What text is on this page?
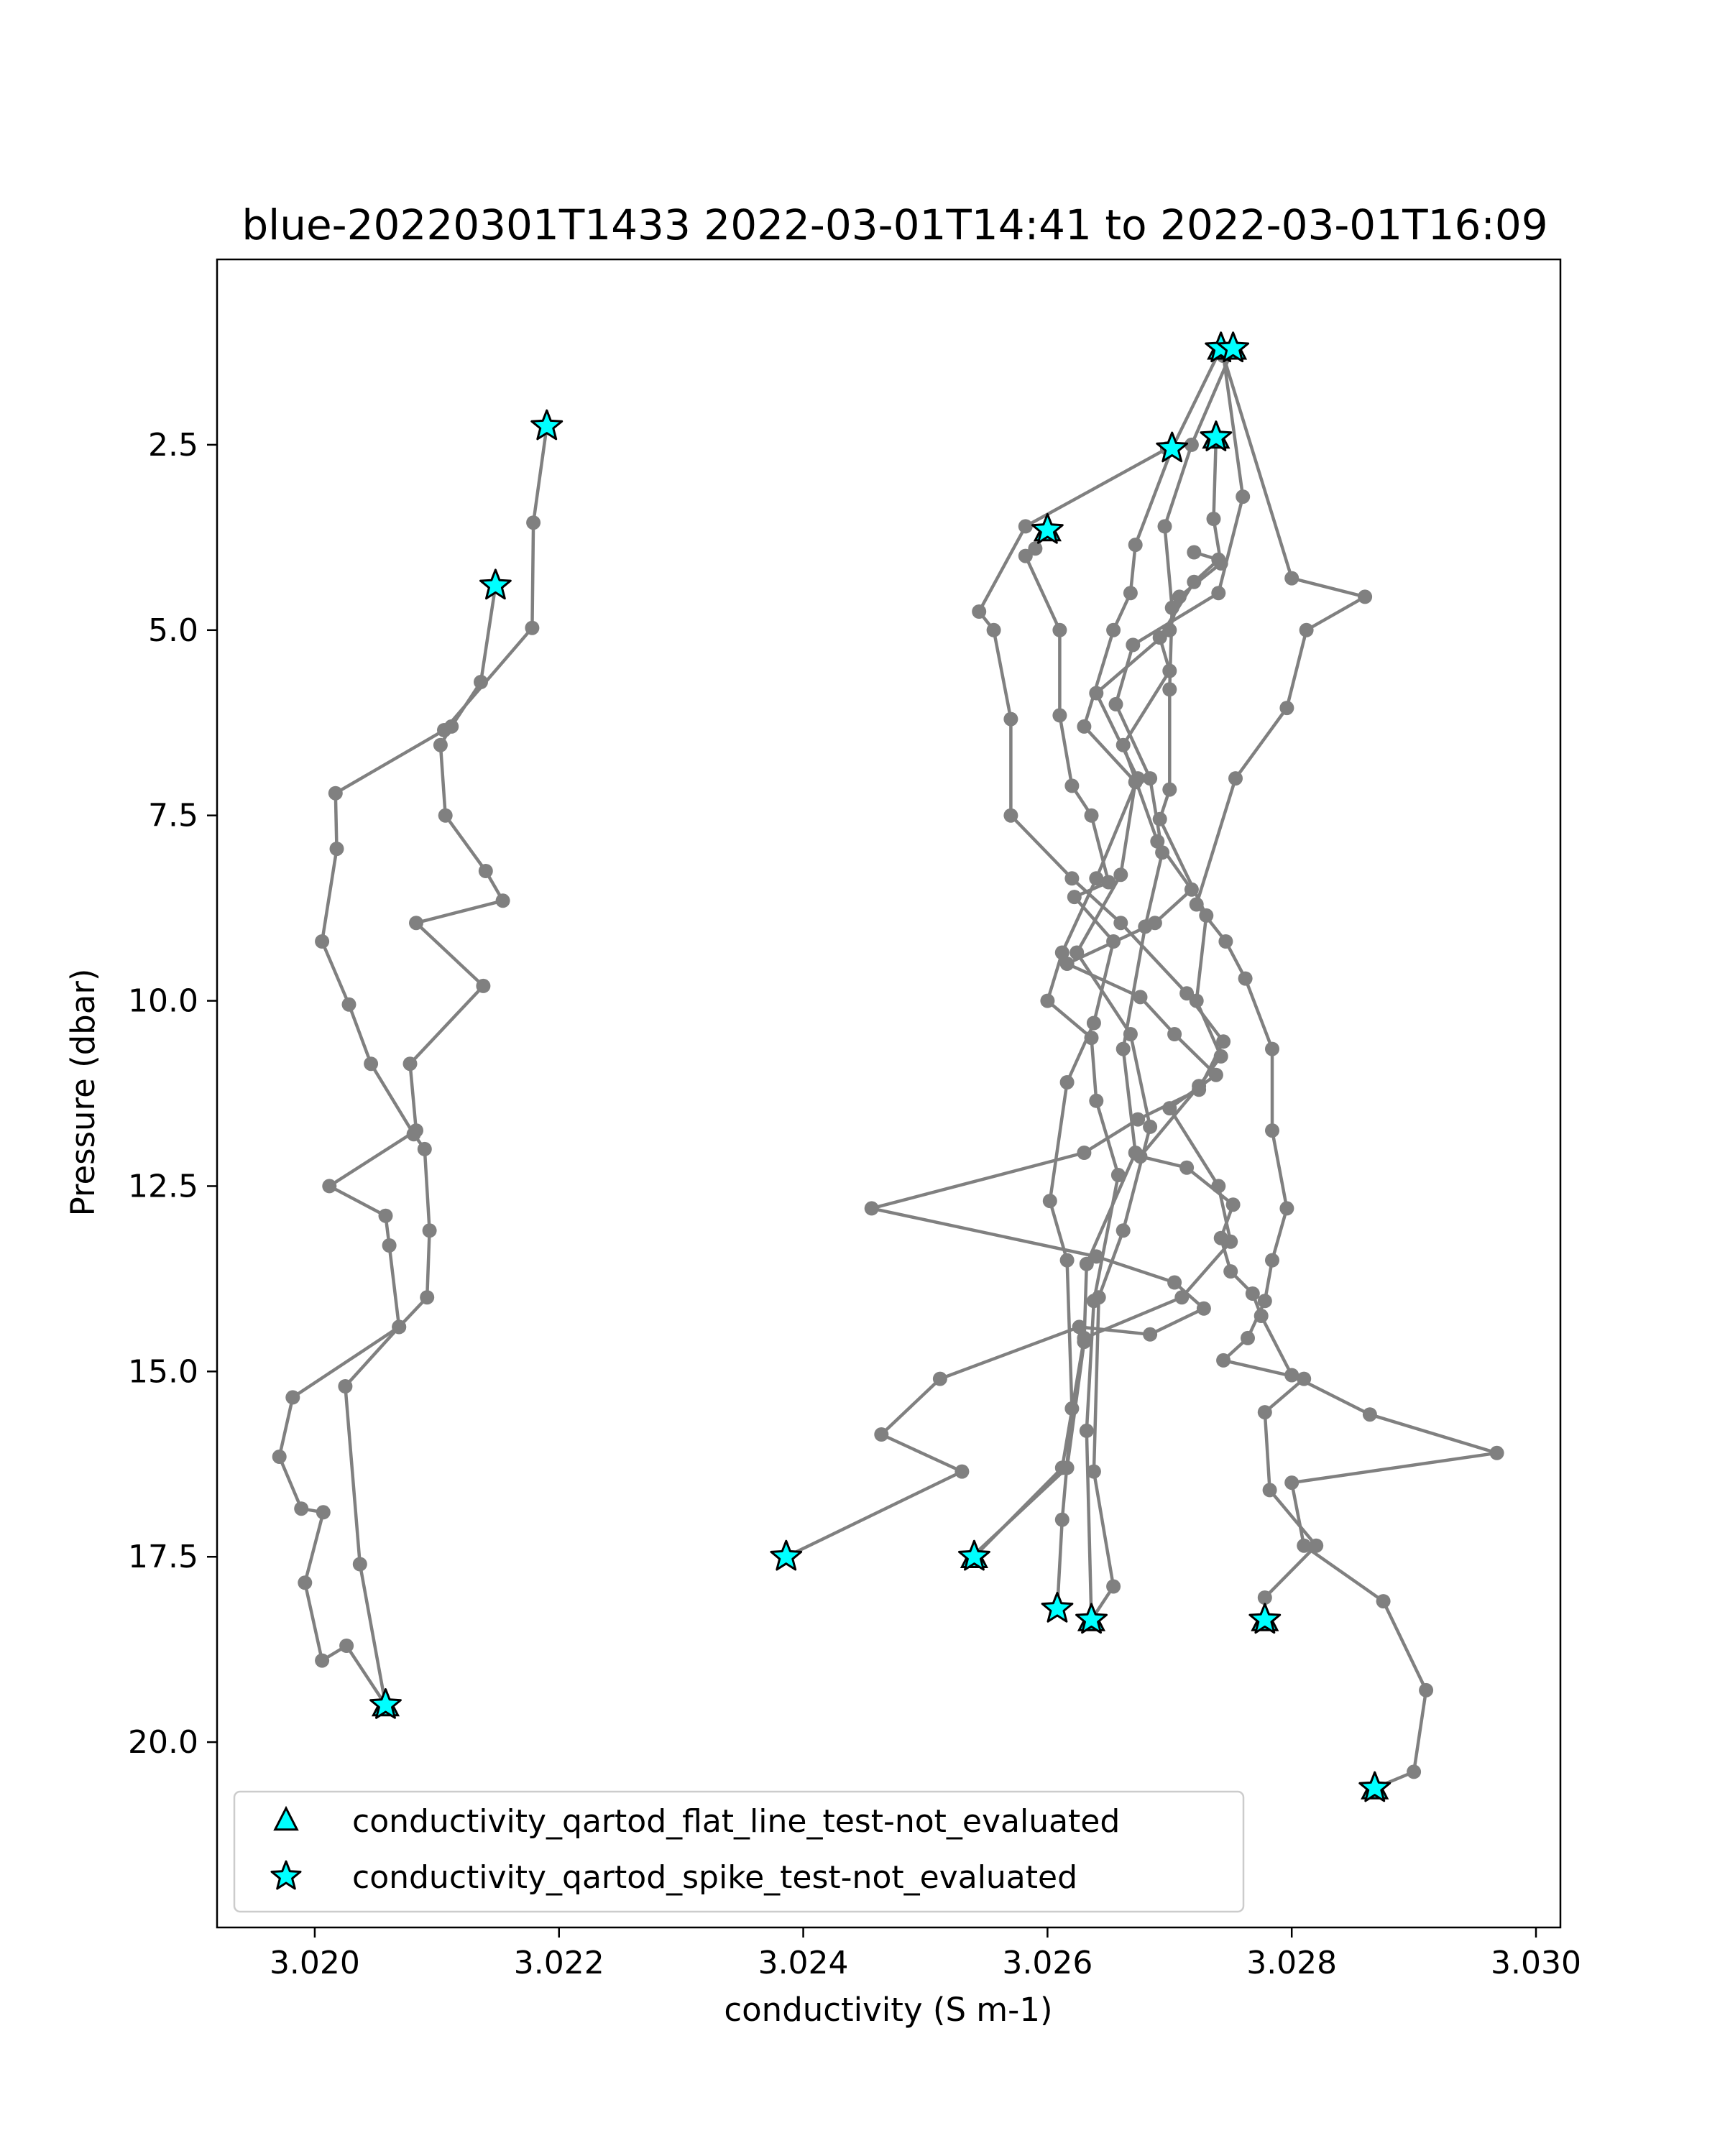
blue-20220301T1433 2022-03-01T14:41 to 2022-03-01T16:09
3.020	3.022	3.024	3.026	3.028	3.030
2.5
5.0
7.5
10.0
12.5
15.0
17.5
20.0
conductivity (S m-1)
Pressure (dbar)
conductivity_qartod_flat_line_test-not_evaluated
conductivity_qartod_spike_test-not_evaluated
